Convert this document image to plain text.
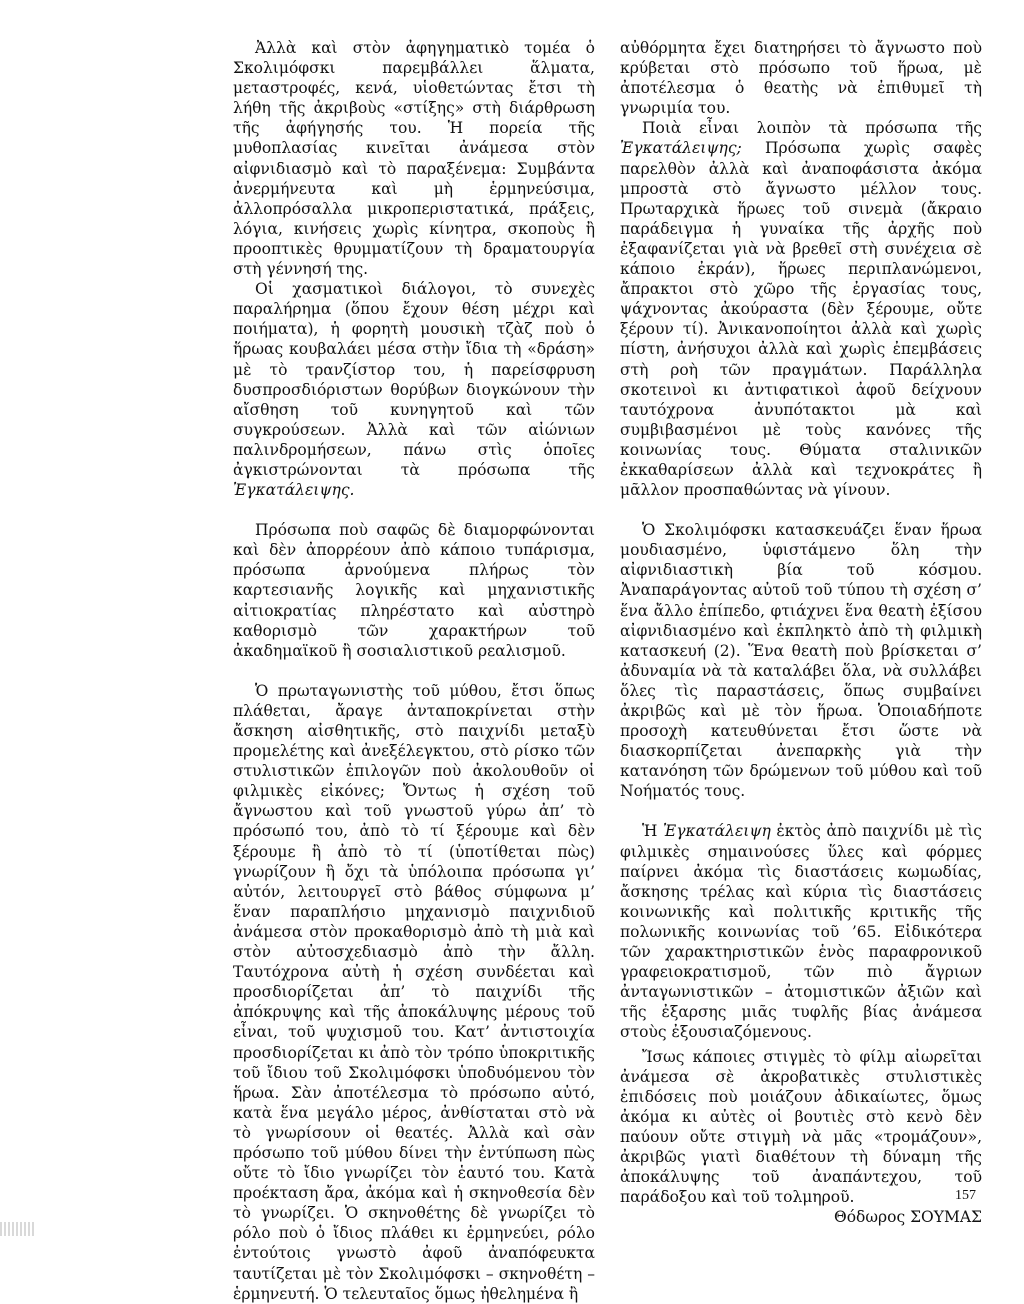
Ἀλλὰ καὶ στὸν ἀφηγηματικὸ τομέα ὁ Σκολιμόφσκι παρεμβάλλει ἅλματα, μεταστροφές, κενά, υἱοθετώντας ἔτσι τὴ λήθη τῆς ἀκριβοὺς «στίξης» στὴ διάρθρωση τῆς ἀφήγησής του. Ἡ πορεία τῆς μυθοπλασίας κινεῖται ἀνάμεσα στὸν αἰφνιδιασμὸ καὶ τὸ παραξένεμα: Συμβάντα ἀνερμήνευτα καὶ μὴ ἑρμηνεύσιμα, ἀλλοπρόσαλλα μικροπεριστατικά, πράξεις, λόγια, κινήσεις χωρὶς κίνητρα, σκοποὺς ἢ προοπτικὲς θρυμματίζουν τὴ δραματουργία στὴ γέννησή της.

Οἱ χασματικοὶ διάλογοι, τὸ συνεχὲς παραλήρημα (ὅπου ἔχουν θέση μέχρι καὶ ποιήματα), ἡ φορητὴ μουσικὴ τζὰζ ποὺ ὁ ἥρωας κουβαλάει μέσα στὴν ἴδια τὴ «δράση» μὲ τὸ τρανζίστορ του, ἡ παρείσφρυση δυσπροσδιόριστων θορύβων διογκώνουν τὴν αἴσθηση τοῦ κυνηγητοῦ καὶ τῶν συγκρούσεων. Ἀλλὰ καὶ τῶν αἰώνιων παλινδρομήσεων, πάνω στὶς ὁποῖες ἀγκιστρώνονται τὰ πρόσωπα τῆς Ἐγκατάλειψης.

Πρόσωπα ποὺ σαφῶς δὲ διαμορφώνονται καὶ δὲν ἀπορρέουν ἀπὸ κάποιο τυπάρισμα, πρόσωπα ἀρνούμενα πλήρως τὸν καρτεσιανῆς λογικῆς καὶ μηχανιστικῆς αἰτιοκρατίας πληρέστατο καὶ αὐστηρὸ καθορισμὸ τῶν χαρακτήρων τοῦ ἀκαδημαϊκοῦ ἢ σοσιαλιστικοῦ ρεαλισμοῦ.

Ὁ πρωταγωνιστὴς τοῦ μύθου, ἔτσι ὅπως πλάθεται, ἄραγε ἀνταποκρίνεται στὴν ἄσκηση αἰσθητικῆς, στὸ παιχνίδι μεταξὺ προμελέτης καὶ ἀνεξέλεγκτου, στὸ ρίσκο τῶν στυλιστικῶν ἐπιλογῶν ποὺ ἀκολουθοῦν οἱ φιλμικὲς εἰκόνες; Ὄντως ἡ σχέση τοῦ ἄγνωστου καὶ τοῦ γνωστοῦ γύρω ἀπ’ τὸ πρόσωπό του, ἀπὸ τὸ τί ξέρουμε καὶ δὲν ξέρουμε ἢ ἀπὸ τὸ τί (ὑποτίθεται πὼς) γνωρίζουν ἢ ὄχι τὰ ὑπόλοιπα πρόσωπα γι’ αὐτόν, λειτουργεῖ στὸ βάθος σύμφωνα μ’ ἕναν παραπλήσιο μηχανισμὸ παιχνιδιοῦ ἀνάμεσα στὸν προκαθορισμὸ ἀπὸ τὴ μιὰ καὶ στὸν αὐτοσχεδιασμὸ ἀπὸ τὴν ἄλλη. Ταυτόχρονα αὐτὴ ἡ σχέση συνδέεται καὶ προσδιορίζεται ἀπ’ τὸ παιχνίδι τῆς ἀπόκρυψης καὶ τῆς ἀποκάλυψης μέρους τοῦ εἶναι, τοῦ ψυχισμοῦ του. Κατ’ ἀντιστοιχία προσδιορίζεται κι ἀπὸ τὸν τρόπο ὑποκριτικῆς τοῦ ἴδιου τοῦ Σκολιμόφσκι ὑποδυόμενου τὸν ἥρωα. Σὰν ἀποτέλεσμα τὸ πρόσωπο αὐτό, κατὰ ἕνα μεγάλο μέρος, ἀνθίσταται στὸ νὰ τὸ γνωρίσουν οἱ θεατές. Ἀλλὰ καὶ σὰν πρόσωπο τοῦ μύθου δίνει τὴν ἐντύπωση πὼς οὔτε τὸ ἴδιο γνωρίζει τὸν ἑαυτό του. Κατὰ προέκταση ἄρα, ἀκόμα καὶ ἡ σκηνοθεσία δὲν τὸ γνωρίζει. Ὁ σκηνοθέτης δὲ γνωρίζει τὸ ρόλο ποὺ ὁ ἴδιος πλάθει κι ἑρμηνεύει, ρόλο ἐντούτοις γνωστὸ ἀφοῦ ἀναπόφευκτα ταυτίζεται μὲ τὸν Σκολιμόφσκι – σκηνοθέτη – ἑρμηνευτή. Ὁ τελευταῖος ὅμως ἠθελημένα ἢ

αὐθόρμητα ἔχει διατηρήσει τὸ ἄγνωστο ποὺ κρύβεται στὸ πρόσωπο τοῦ ἥρωα, μὲ ἀποτέλεσμα ὁ θεατὴς νὰ ἐπιθυμεῖ τὴ γνωριμία του.

Ποιὰ εἶναι λοιπὸν τὰ πρόσωπα τῆς Ἐγκατάλειψης; Πρόσωπα χωρὶς σαφὲς παρελθὸν ἀλλὰ καὶ ἀναποφάσιστα ἀκόμα μπροστὰ στὸ ἄγνωστο μέλλον τους. Πρωταρχικὰ ἥρωες τοῦ σινεμὰ (ἄκραιο παράδειγμα ἡ γυναίκα τῆς ἀρχῆς ποὺ ἐξαφανίζεται γιὰ νὰ βρεθεῖ στὴ συνέχεια σὲ κάποιο ἐκράν), ἥρωες περιπλανώμενοι, ἄπρακτοι στὸ χῶρο τῆς ἐργασίας τους, ψάχνοντας ἀκούραστα (δὲν ξέρουμε, οὔτε ξέρουν τί). Ἀνικανοποίητοι ἀλλὰ καὶ χωρὶς πίστη, ἀνήσυχοι ἀλλὰ καὶ χωρὶς ἐπεμβάσεις στὴ ροὴ τῶν πραγμάτων. Παράλληλα σκοτεινοὶ κι ἀντιφατικοὶ ἀφοῦ δείχνουν ταυτόχρονα ἀνυπότακτοι μὰ καὶ συμβιβασμένοι μὲ τοὺς κανόνες τῆς κοινωνίας τους. Θύματα σταλινικῶν ἐκκαθαρίσεων ἀλλὰ καὶ τεχνοκράτες ἢ μᾶλλον προσπαθώντας νὰ γίνουν.

Ὁ Σκολιμόφσκι κατασκευάζει ἕναν ἥρωα μουδιασμένο, ὑφιστάμενο ὅλη τὴν αἰφνιδιαστικὴ βία τοῦ κόσμου. Ἀναπαράγοντας αὐτοῦ τοῦ τύπου τὴ σχέση σ’ ἕνα ἄλλο ἐπίπεδο, φτιάχνει ἕνα θεατὴ ἐξίσου αἰφνιδιασμένο καὶ ἐκπληκτὸ ἀπὸ τὴ φιλμικὴ κατασκευή (2). Ἕνα θεατὴ ποὺ βρίσκεται σ’ ἀδυναμία νὰ τὰ καταλάβει ὅλα, νὰ συλλάβει ὅλες τὶς παραστάσεις, ὅπως συμβαίνει ἀκριβῶς καὶ μὲ τὸν ἥρωα. Ὁποιαδήποτε προσοχὴ κατευθύνεται ἔτσι ὥστε νὰ διασκορπίζεται ἀνεπαρκὴς γιὰ τὴν κατανόηση τῶν δρώμενων τοῦ μύθου καὶ τοῦ Νοήματός τους.

Ἡ Ἐγκατάλειψη ἐκτὸς ἀπὸ παιχνίδι μὲ τὶς φιλμικὲς σημαινούσες ὕλες καὶ φόρμες παίρνει ἀκόμα τὶς διαστάσεις κωμωδίας, ἄσκησης τρέλας καὶ κύρια τὶς διαστάσεις κοινωνικῆς καὶ πολιτικῆς κριτικῆς τῆς πολωνικῆς κοινωνίας τοῦ ’65. Εἰδικότερα τῶν χαρακτηριστικῶν ἑνὸς παραφρονικοῦ γραφειοκρατισμοῦ, τῶν πιὸ ἄγριων ἀνταγωνιστικῶν – ἀτομιστικῶν ἀξιῶν καὶ τῆς ἐξαρσης μιᾶς τυφλῆς βίας ἀνάμεσα στοὺς ἐξουσιαζόμενους.

Ἴσως κάποιες στιγμὲς τὸ φίλμ αἰωρεῖται ἀνάμεσα σὲ ἀκροβατικὲς στυλιστικὲς ἐπιδόσεις ποὺ μοιάζουν ἀδικαίωτες, ὅμως ἀκόμα κι αὐτὲς οἱ βουτιὲς στὸ κενὸ δὲν παύουν οὔτε στιγμὴ νὰ μᾶς «τρομάζουν», ἀκριβῶς γιατὶ διαθέτουν τὴ δύναμη τῆς ἀποκάλυψης τοῦ ἀναπάντεχου, τοῦ παράδοξου καὶ τοῦ τολμηροῦ.

Θόδωρος ΣΟΥΜΑΣ

157
